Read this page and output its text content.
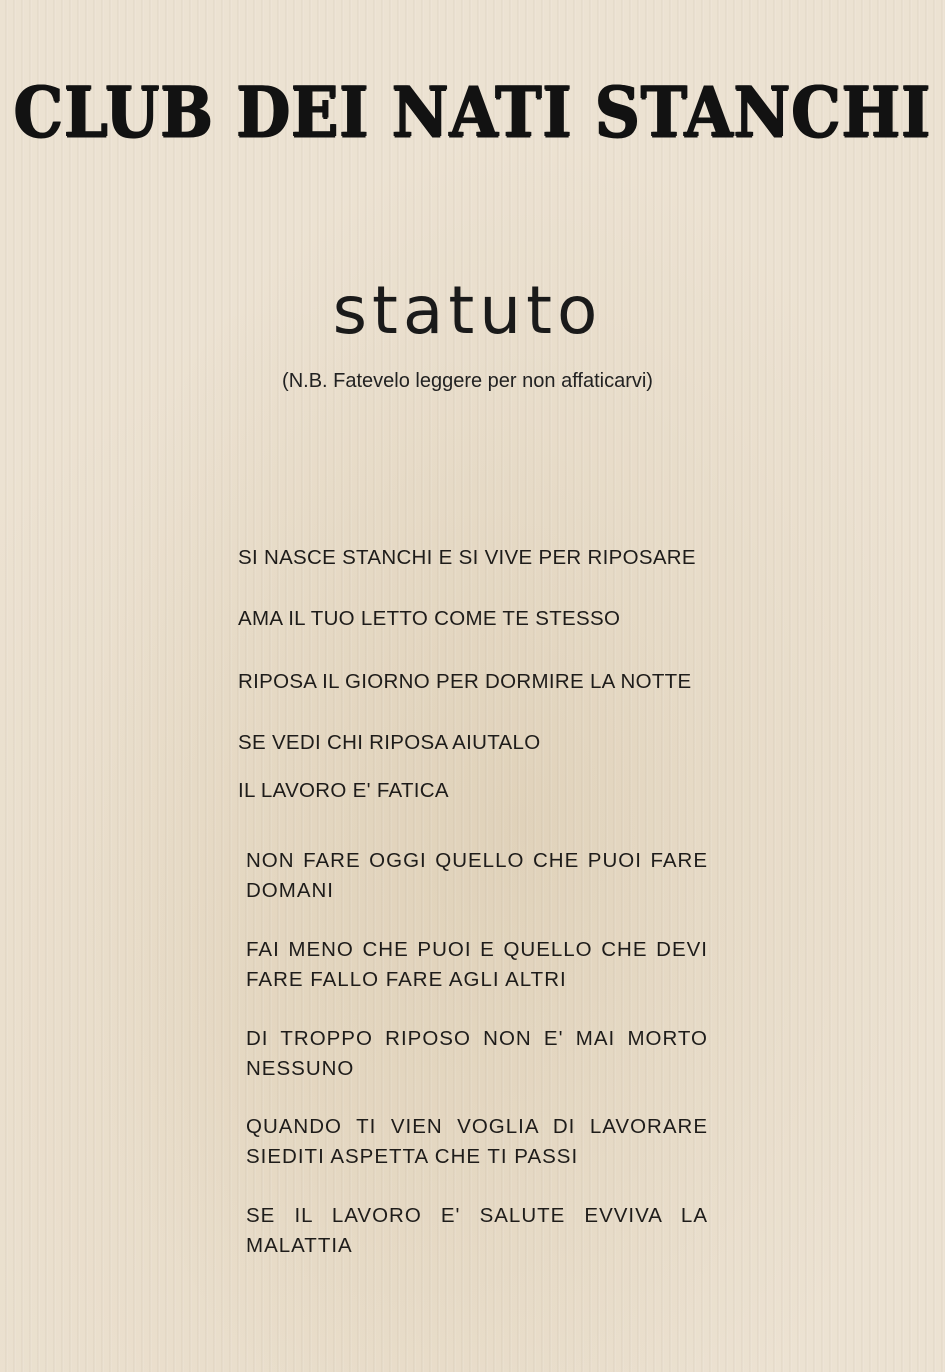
CLUB DEI NATI STANCHI
statuto
(N.B. Fatevelo leggere per non affaticarvi)
SI NASCE STANCHI E SI VIVE PER RIPOSARE
AMA IL TUO LETTO COME TE STESSO
RIPOSA IL GIORNO PER DORMIRE LA NOTTE
SE VEDI CHI RIPOSA AIUTALO
IL LAVORO E' FATICA
NON FARE OGGI QUELLO CHE PUOI FARE DOMANI
FAI MENO CHE PUOI E QUELLO CHE DEVI FARE FALLO FARE AGLI ALTRI
DI TROPPO RIPOSO NON E' MAI MORTO NESSUNO
QUANDO TI VIEN VOGLIA DI LAVORARE SIEDITI ASPETTA CHE TI PASSI
SE IL LAVORO E' SALUTE EVVIVA LA MALATTIA
